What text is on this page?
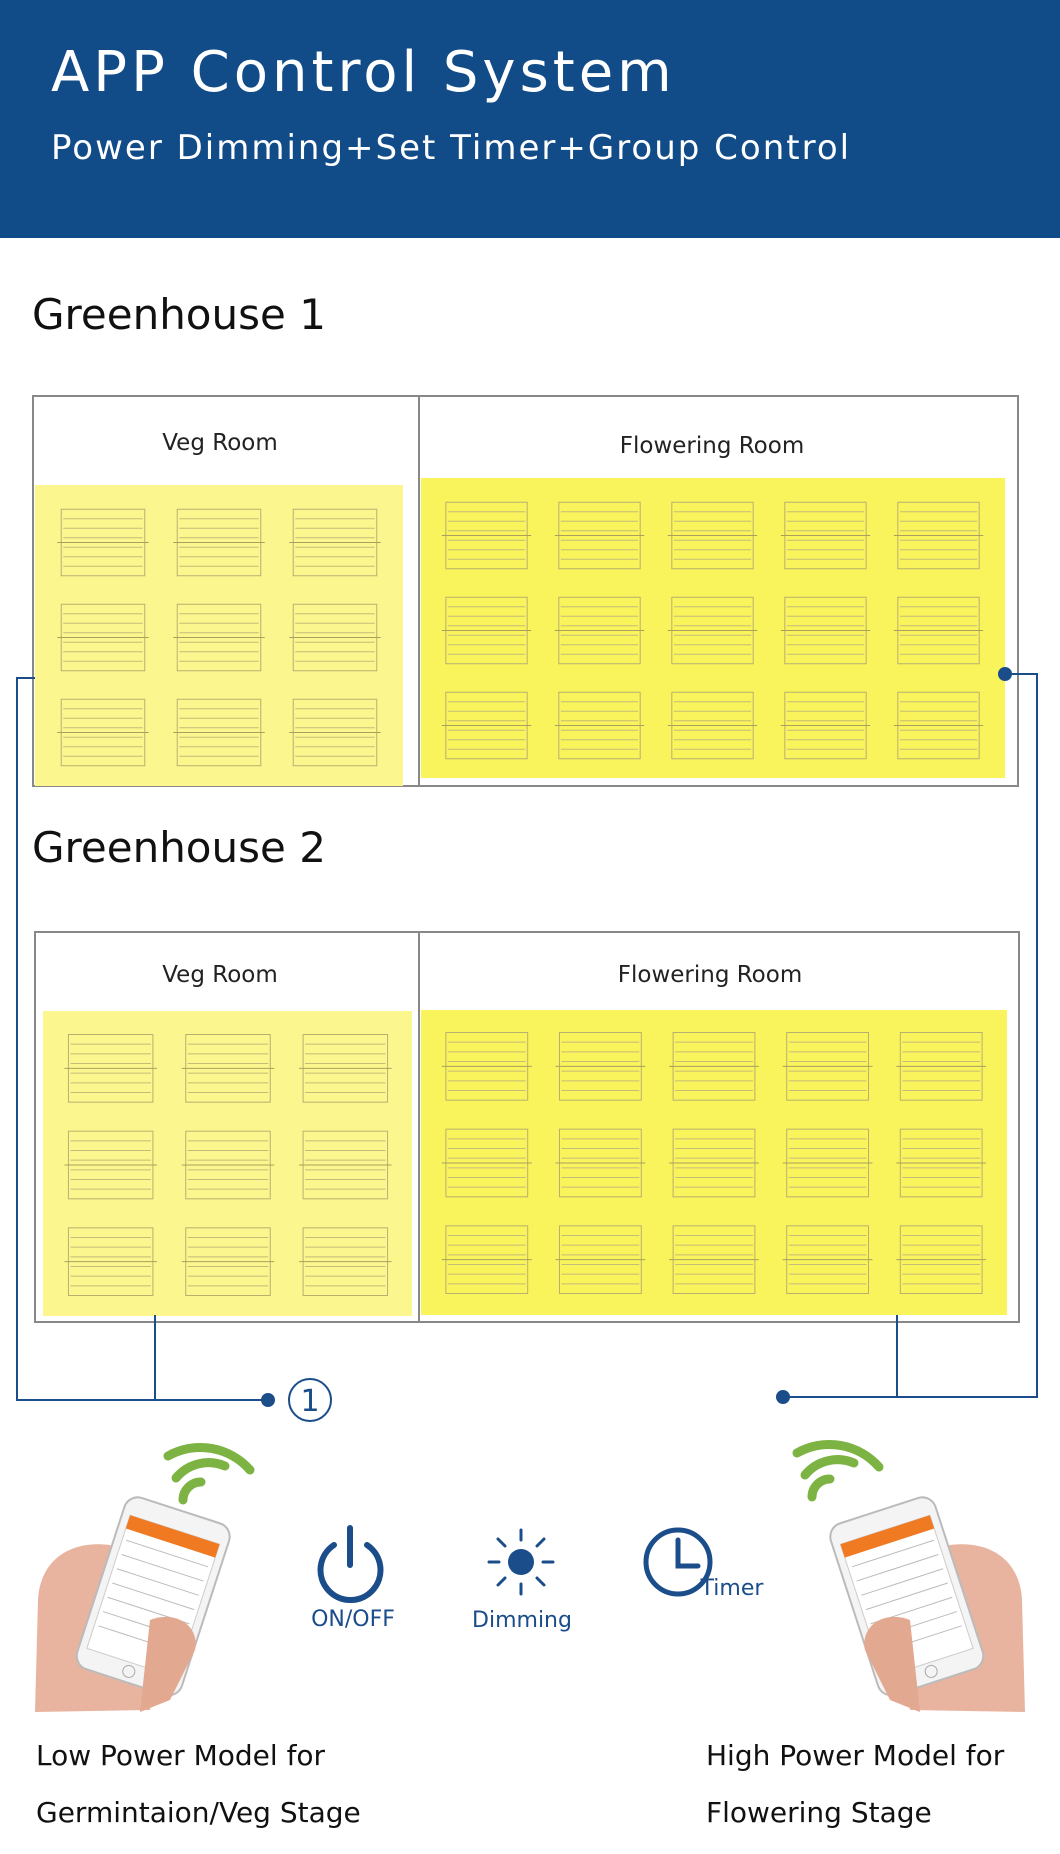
APP Control System
Power Dimming+Set Timer+Group Control
Greenhouse 1
Greenhouse 2
1
Veg Room	Flowering Room
Veg Room	Flowering Room
ON/OFF	Dimming
Timer
Low Power Model for
Germintaion/Veg Stage
High Power Model for
Flowering Stage
